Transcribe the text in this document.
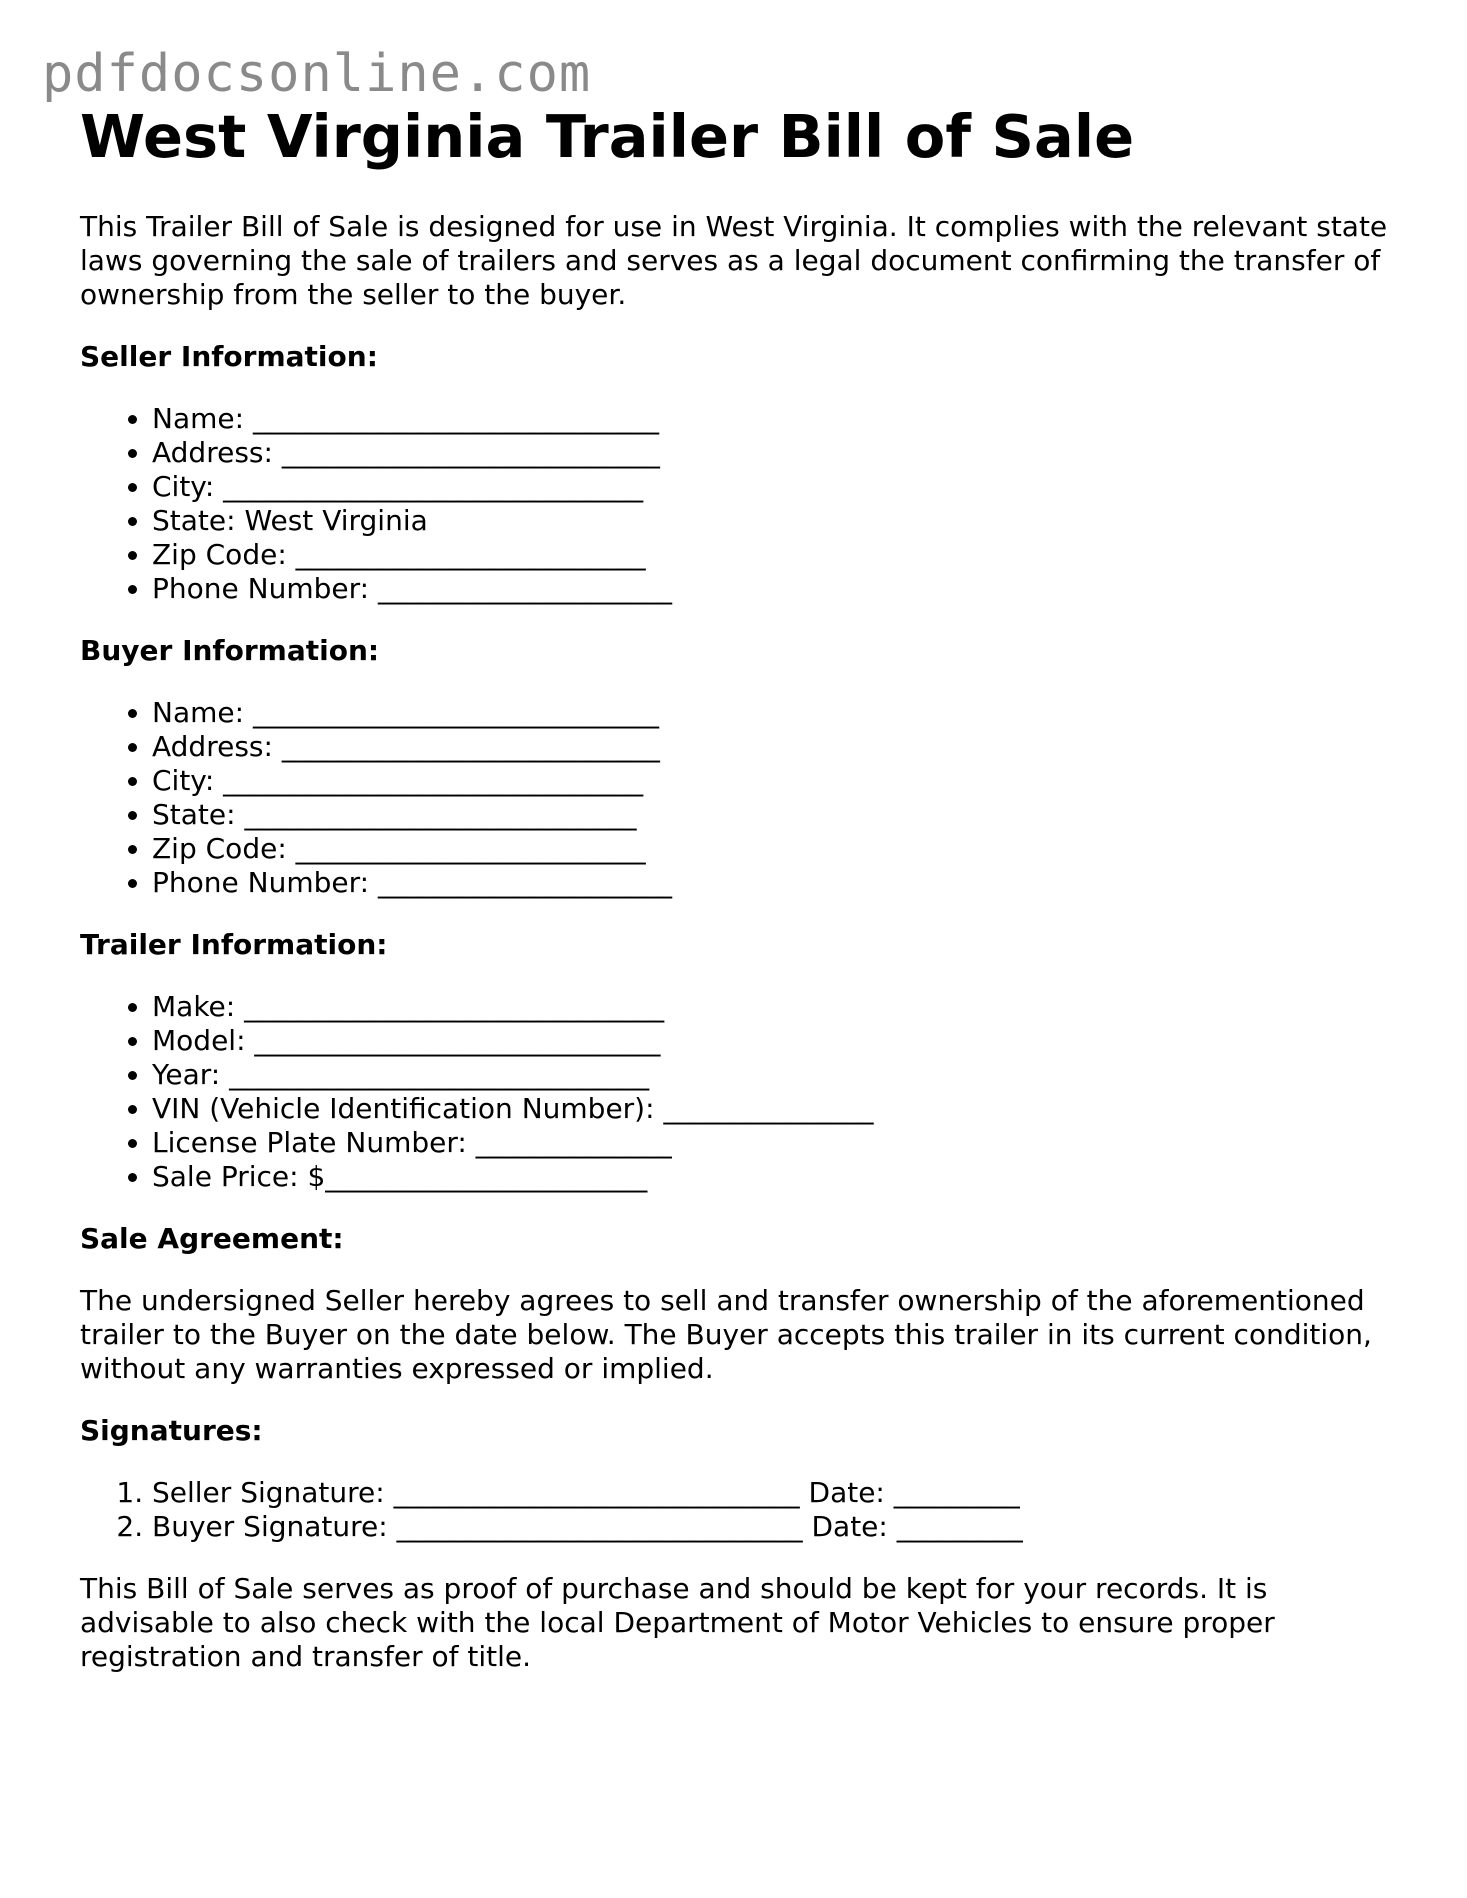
pdfdocsonline.com
West Virginia Trailer Bill of Sale

This Trailer Bill of Sale is designed for use in West Virginia. It complies with the relevant state laws governing the sale of trailers and serves as a legal document confirming the transfer of ownership from the seller to the buyer.

Seller Information:
• Name: _____________________________
• Address: ___________________________
• City: ______________________________
• State: West Virginia
• Zip Code: _________________________
• Phone Number: _____________________
Buyer Information:
• Name: _____________________________
• Address: ___________________________
• City: ______________________________
• State: ____________________________
• Zip Code: _________________________
• Phone Number: _____________________
Trailer Information:
• Make: ______________________________
• Model: _____________________________
• Year: ______________________________
• VIN (Vehicle Identification Number): _______________
• License Plate Number: ______________
• Sale Price: $_______________________
Sale Agreement:

The undersigned Seller hereby agrees to sell and transfer ownership of the aforementioned trailer to the Buyer on the date below. The Buyer accepts this trailer in its current condition, without any warranties expressed or implied.

Signatures:
1. Seller Signature: _____________________________ Date: _________
2. Buyer Signature: _____________________________ Date: _________

This Bill of Sale serves as proof of purchase and should be kept for your records. It is advisable to also check with the local Department of Motor Vehicles to ensure proper registration and transfer of title.
